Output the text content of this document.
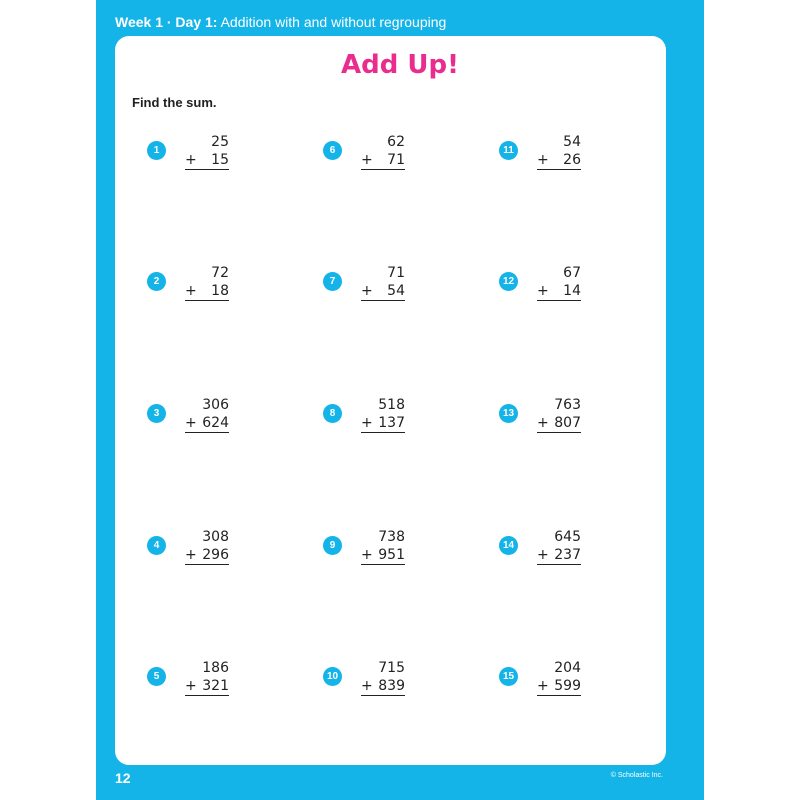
Week 1 · Day 1: Addition with and without regrouping
Add Up!
Find the sum.
1
25
+ 15
2
72
+ 18
3
306
+ 624
4
308
+ 296
5
186
+ 321
6
62
+ 71
7
71
+ 54
8
518
+ 137
9
738
+ 951
10
715
+ 839
11
54
+ 26
12
67
+ 14
13
763
+ 807
14
645
+ 237
15
204
+ 599
12	© Scholastic Inc.
